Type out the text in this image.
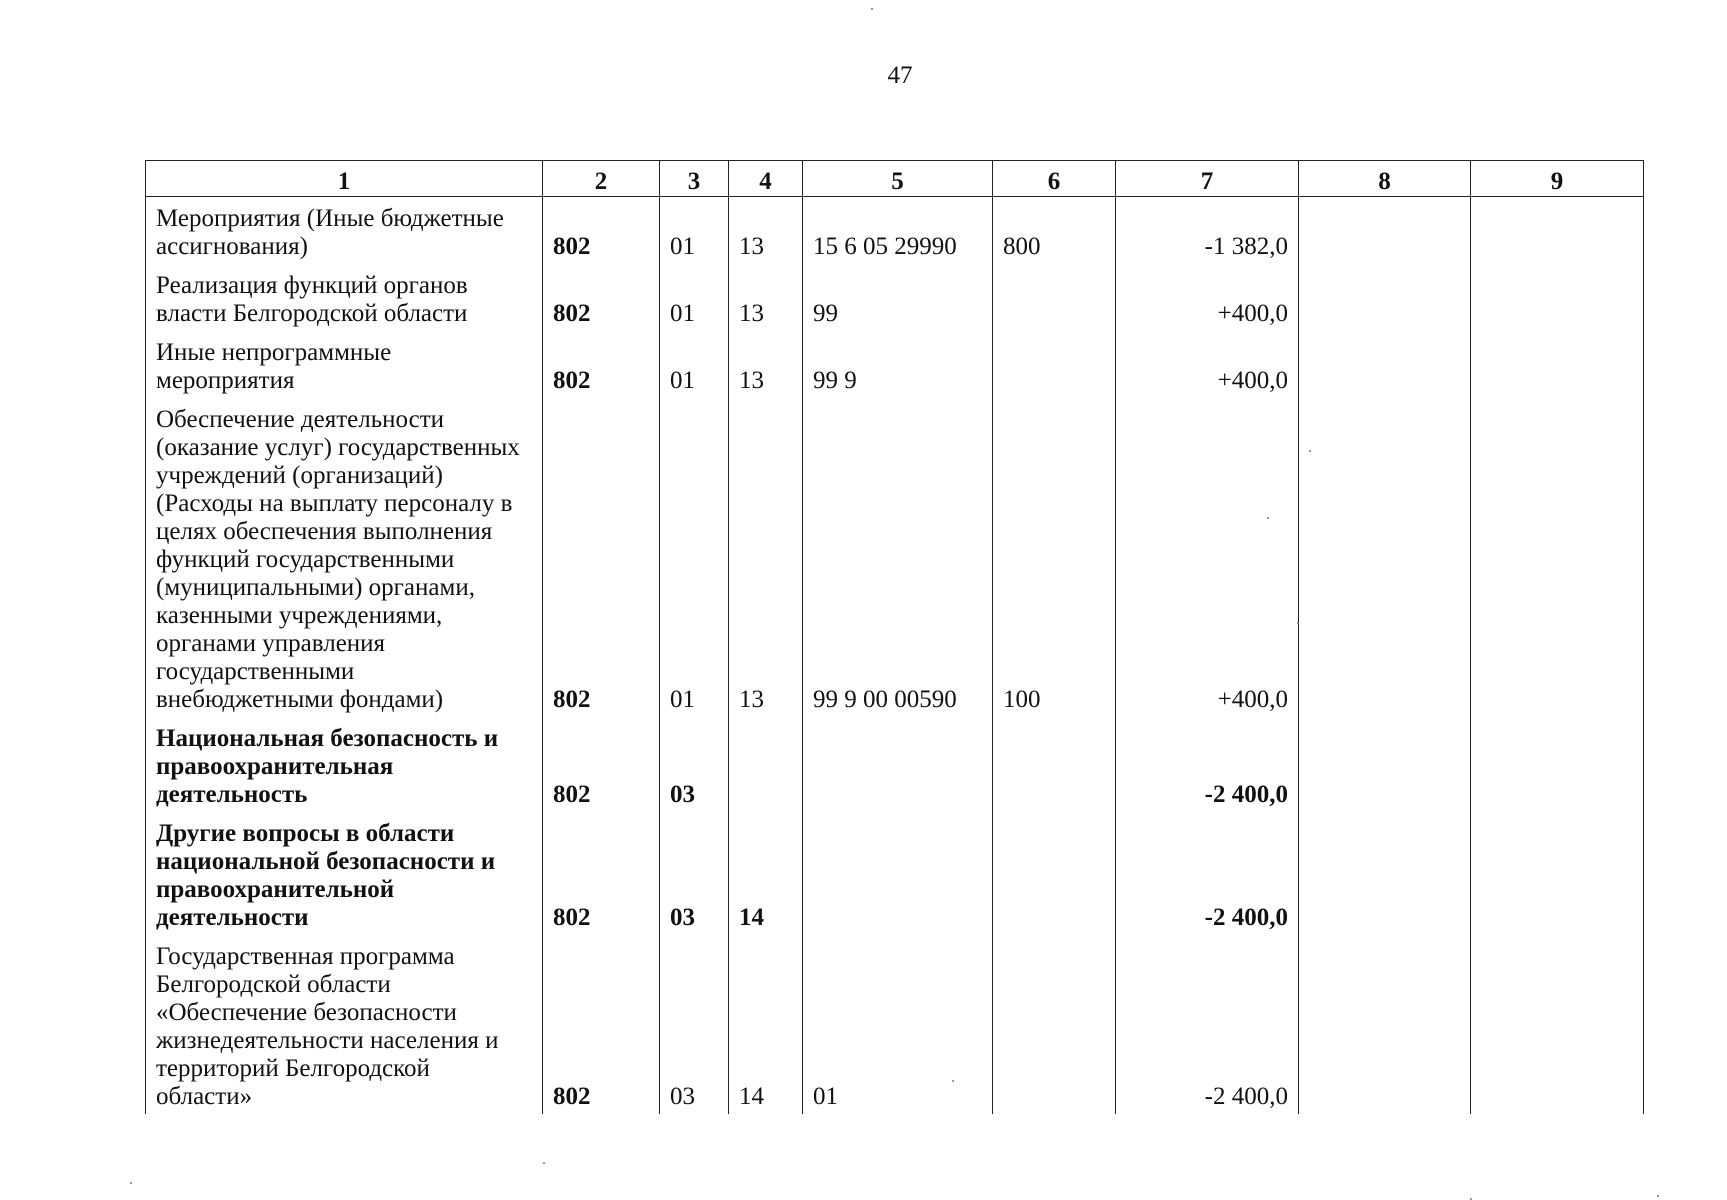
47
1	2	3	4	5	6	7	8	9
Мероприятия (Иные бюджетные ассигнования)	802	01	13	15 6 05 29990	800	-1 382,0		
Реализация функций органов власти Белгородской области	802	01	13	99		+400,0		
Иные непрограммные мероприятия	802	01	13	99 9		+400,0		
Обеспечение деятельности (оказание услуг) государственных учреждений (организаций) (Расходы на выплату персоналу в целях обеспечения выполнения функций государственными (муниципальными) органами, казенными учреждениями, органами управления государственными внебюджетными фондами)	802	01	13	99 9 00 00590	100	+400,0		
Национальная безопасность и правоохранительная деятельность	802	03				-2 400,0		
Другие вопросы в области национальной безопасности и правоохранительной деятельности	802	03	14			-2 400,0		
Государственная программа Белгородской области «Обеспечение безопасности жизнедеятельности населения и территорий Белгородской области»	802	03	14	01		-2 400,0		
